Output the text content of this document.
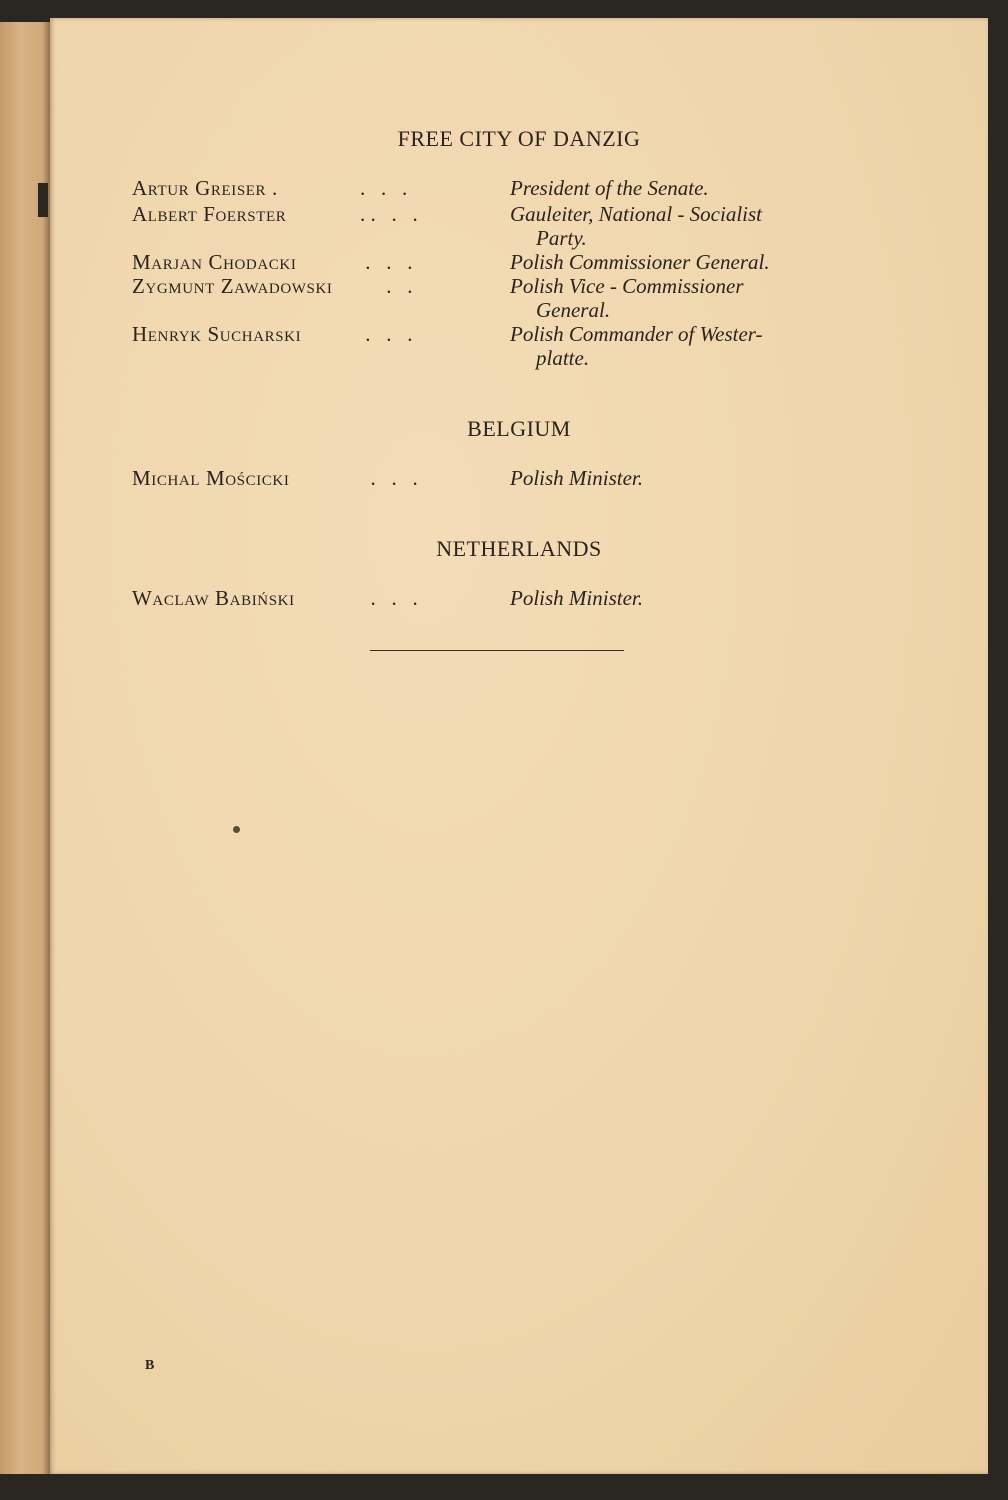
FREE CITY OF DANZIG
Artur Greiser .	.   .   .	President of the Senate.
Albert Foerster	. .   .   .	Gauleiter, National - Socialist
Party.
Marjan Chodacki	.   .   .	Polish Commissioner General.
Zygmunt Zawadowski .   .	Polish Vice - Commissioner
General.
Henryk Sucharski	.   .   .	Polish Commander of Wester-
platte.
BELGIUM
Michal Mościcki	.   .   .	Polish Minister.
NETHERLANDS
Waclaw Babiński	.   .   .	Polish Minister.
B
